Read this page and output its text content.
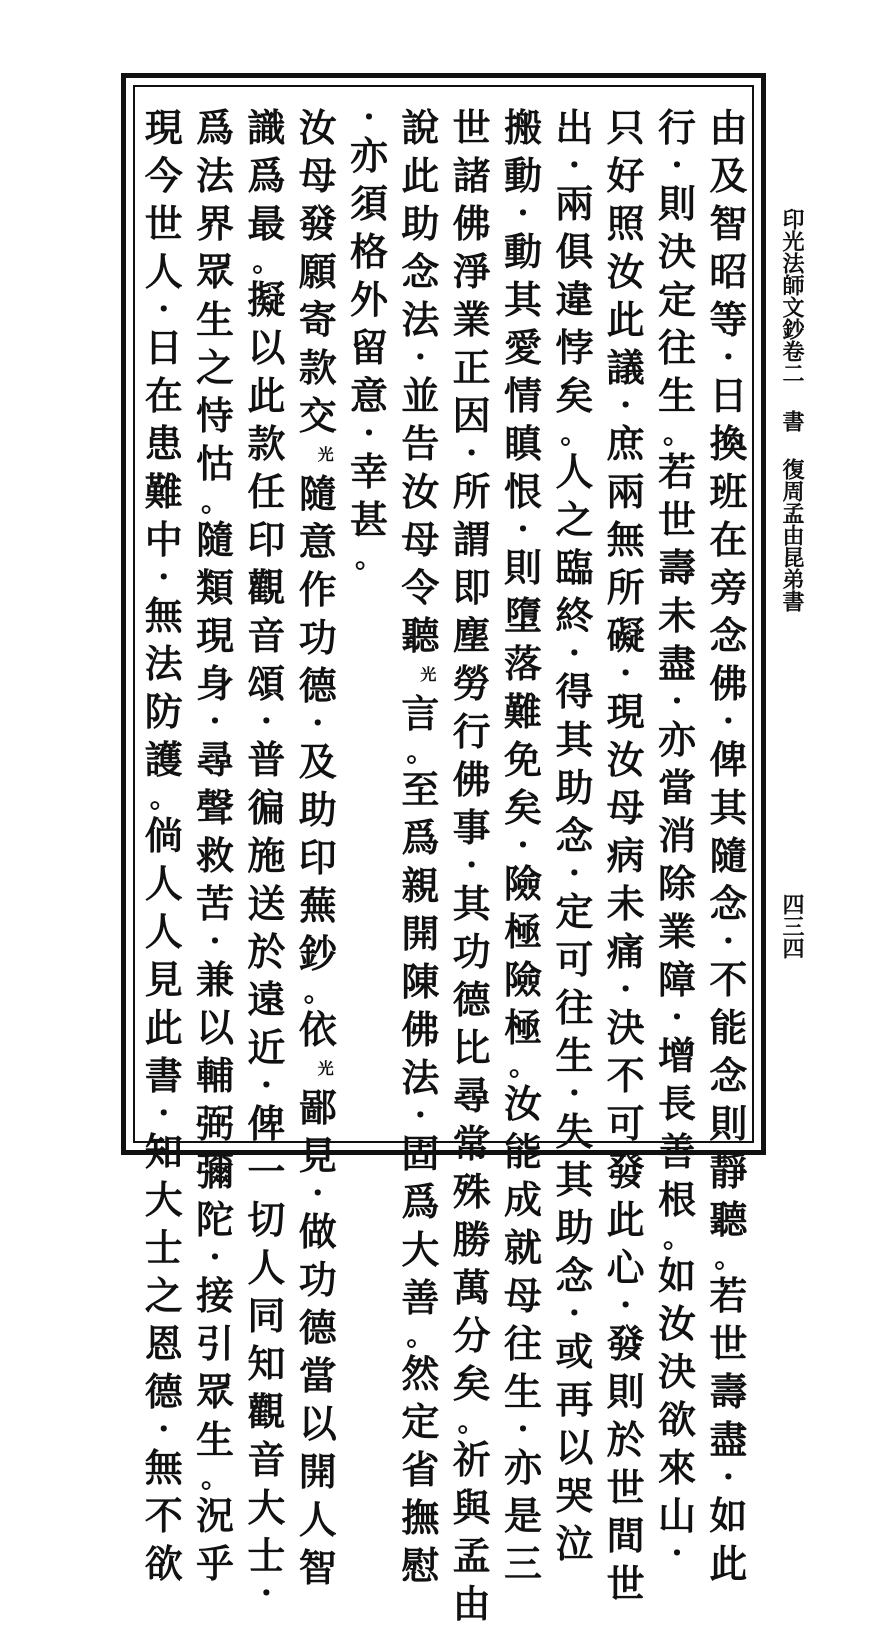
印光法師文鈔卷二
書
復周孟由昆弟書
四三四
由
及
智
昭
等
・
日
換
班
在
旁
念
佛
・
俾
其
隨
念
・
不
能
念
則
靜
聽
。
若
世
壽
盡
・
如
此
行
・
則
決
定
往
生
。
若
世
壽
未
盡
・
亦
當
消
除
業
障
・
增
長
善
根
。
如
汝
決
欲
來
山
・
只
好
照
汝
此
議
・
庶
兩
無
所
礙
・
現
汝
母
病
未
痛
・
決
不
可
發
此
心
・
發
則
於
世
間
世
出
・
兩
俱
違
悖
矣
。
人
之
臨
終
・
得
其
助
念
・
定
可
往
生
・
失
其
助
念
・
或
再
以
哭
泣
搬
動
・
動
其
愛
情
瞋
恨
・
則
墮
落
難
免
矣
・
險
極
險
極
。
汝
能
成
就
母
往
生
・
亦
是
三
世
諸
佛
淨
業
正
因
・
所
謂
即
塵
勞
行
佛
事
・
其
功
德
比
尋
常
殊
勝
萬
分
矣
。
祈
與
孟
由
說
此
助
念
法
・
並
告
汝
母
令
聽
光
言
。
至
爲
親
開
陳
佛
法
・
固
爲
大
善
。
然
定
省
撫
慰
・
亦
須
格
外
留
意
・
幸
甚
。
汝
母
發
願
寄
款
交
光
隨
意
作
功
德
・
及
助
印
蕪
鈔
。
依
光
鄙
見
・
做
功
德
當
以
開
人
智
識
爲
最
。
擬
以
此
款
任
印
觀
音
頌
・
普
徧
施
送
於
遠
近
・
俾
一
切
人
同
知
觀
音
大
士
・
爲
法
界
眾
生
之
恃
怙
。
隨
類
現
身
・
尋
聲
救
苦
・
兼
以
輔
弼
彌
陀
・
接
引
眾
生
。
況
乎
現
今
世
人
・
日
在
患
難
中
・
無
法
防
護
。
倘
人
人
見
此
書
・
知
大
士
之
恩
德
・
無
不
欲
